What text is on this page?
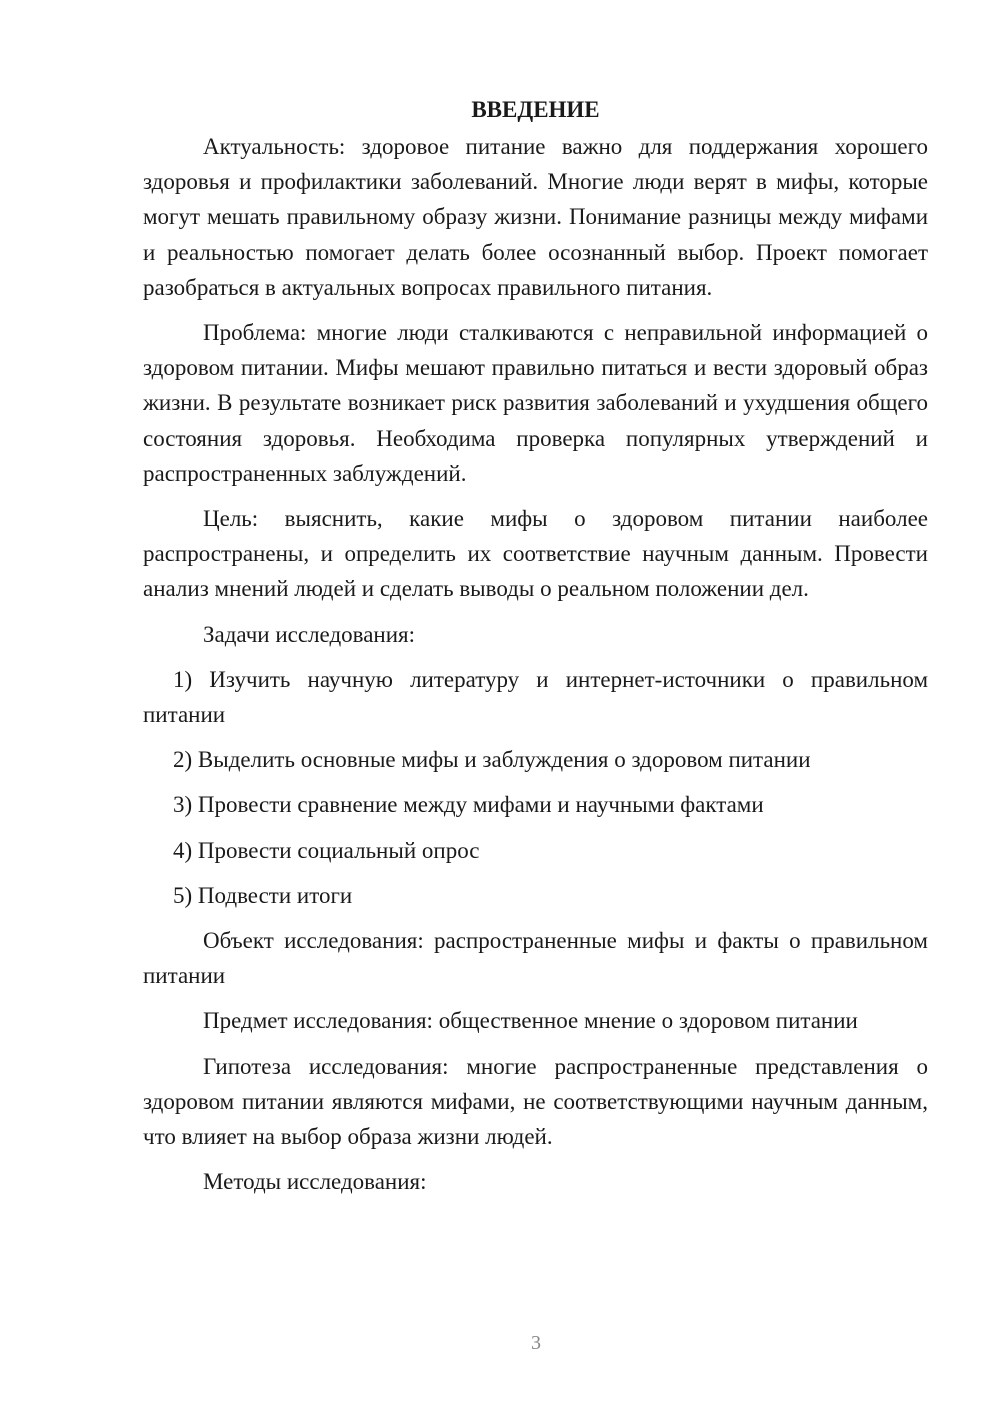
ВВЕДЕНИЕ

Актуальность: здоровое питание важно для поддержания хорошего здоровья и профилактики заболеваний. Многие люди верят в мифы, которые могут мешать правильному образу жизни. Понимание разницы между мифами и реальностью помогает делать более осознанный выбор. Проект помогает разобраться в актуальных вопросах правильного питания.

Проблема: многие люди сталкиваются с неправильной информацией о здоровом питании. Мифы мешают правильно питаться и вести здоровый образ жизни. В результате возникает риск развития заболеваний и ухудшения общего состояния здоровья. Необходима проверка популярных утверждений и распространенных заблуждений.

Цель: выяснить, какие мифы о здоровом питании наиболее распространены, и определить их соответствие научным данным. Провести анализ мнений людей и сделать выводы о реальном положении дел.

Задачи исследования:

1) Изучить научную литературу и интернет-источники о правильном питании
2) Выделить основные мифы и заблуждения о здоровом питании
3) Провести сравнение между мифами и научными фактами
4) Провести социальный опрос
5) Подвести итоги

Объект исследования: распространенные мифы и факты о правильном питании

Предмет исследования: общественное мнение о здоровом питании

Гипотеза исследования: многие распространенные представления о здоровом питании являются мифами, не соответствующими научным данным, что влияет на выбор образа жизни людей.

Методы исследования:

3
